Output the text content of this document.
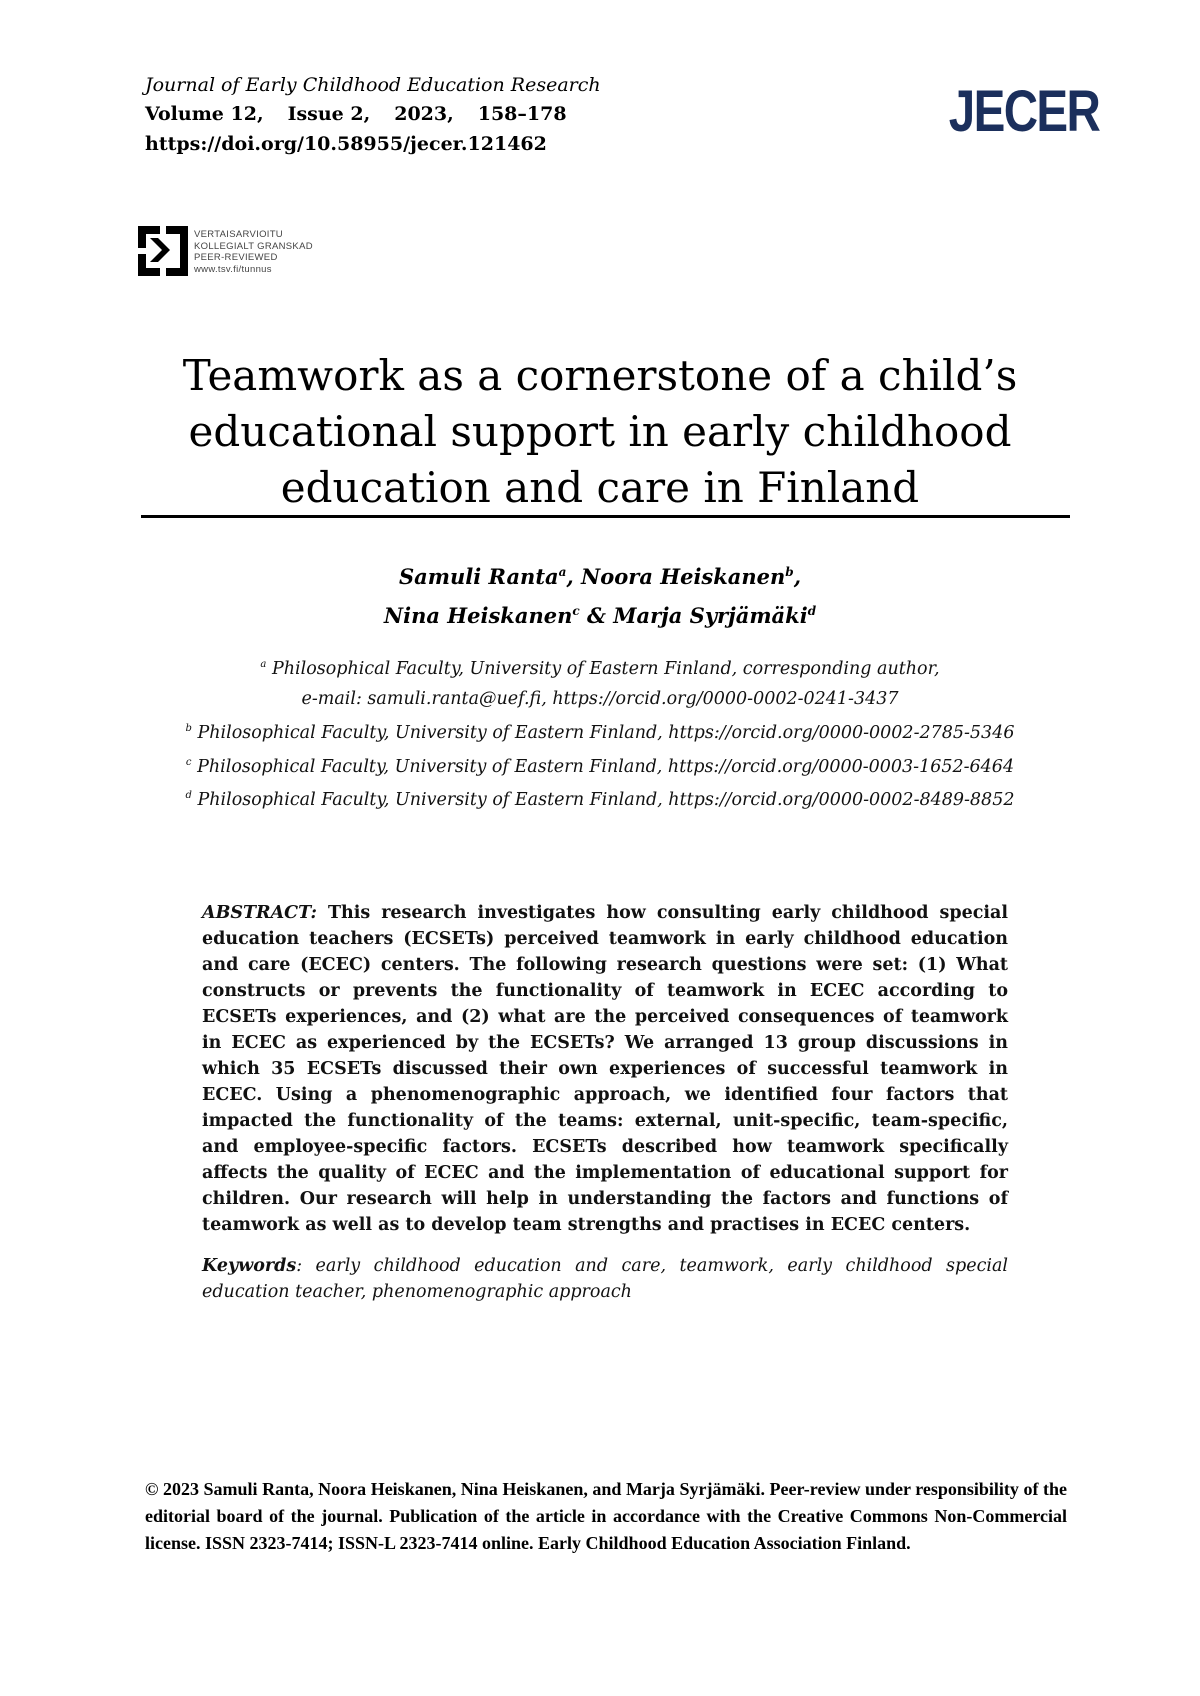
Journal of Early Childhood Education Research
Volume 12, Issue 2, 2023, 158–178
https://doi.org/10.58955/jecer.121462	JECER
VERTAISARVIOITU
KOLLEGIALT GRANSKAD
PEER-REVIEWED
www.tsv.fi/tunnus
Teamwork as a cornerstone of a child’s
educational support in early childhood
education and care in Finland
Samuli Ranta$^a$, Noora Heiskanen$^b$,
Nina Heiskanen$^c$ & Marja Syrjämäki$^d$
$^a$ Philosophical Faculty, University of Eastern Finland, corresponding author,
e-mail: samuli.ranta@uef.fi, https://orcid.org/0000-0002-0241-3437
$^b$ Philosophical Faculty, University of Eastern Finland, https://orcid.org/0000-0002-2785-5346
$^c$ Philosophical Faculty, University of Eastern Finland, https://orcid.org/0000-0003-1652-6464
$^d$ Philosophical Faculty, University of Eastern Finland, https://orcid.org/0000-0002-8489-8852
ABSTRACT: This research investigates how consulting early childhood special education teachers (ECSETs) perceived teamwork in early childhood education and care (ECEC) centers. The following research questions were set: (1) What constructs or prevents the functionality of teamwork in ECEC according to ECSETs experiences, and (2) what are the perceived consequences of teamwork in ECEC as experienced by the ECSETs? We arranged 13 group discussions in which 35 ECSETs discussed their own experiences of successful teamwork in ECEC. Using a phenomenographic approach, we identified four factors that impacted the functionality of the teams: external, unit-specific, team-specific, and employee-specific factors. ECSETs described how teamwork specifically affects the quality of ECEC and the implementation of educational support for children. Our research will help in understanding the factors and functions of teamwork as well as to develop team strengths and practises in ECEC centers.
Keywords: early childhood education and care, teamwork, early childhood special education teacher, phenomenographic approach
© 2023 Samuli Ranta, Noora Heiskanen, Nina Heiskanen, and Marja Syrjämäki. Peer-review under responsibility of the editorial board of the journal. Publication of the article in accordance with the Creative Commons Non-Commercial license. ISSN 2323-7414; ISSN-L 2323-7414 online. Early Childhood Education Association Finland.
